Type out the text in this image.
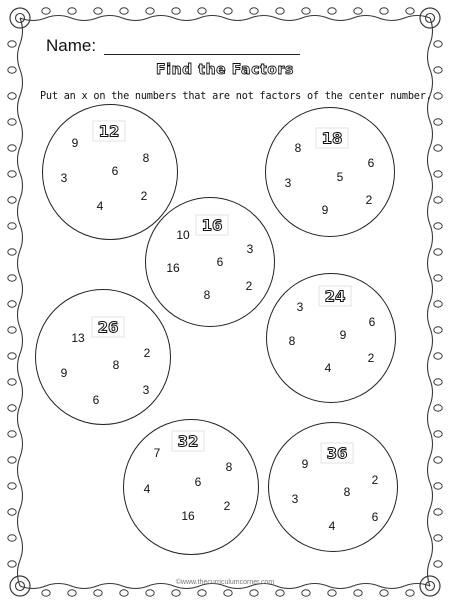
Name:
Find the Factors
Put an x on the numbers that are not factors of the center number.
12
9
8
6
3
2
4
18
8
6
5
3
2
9
16
10
3
6
16
2
8	24
3
6
9
8
2
4
26
13
2
8
9
3
6
32
7
8
6
4
2
16
36
9
2
8
3
6
4
©www.thecurriculumcorner.com
